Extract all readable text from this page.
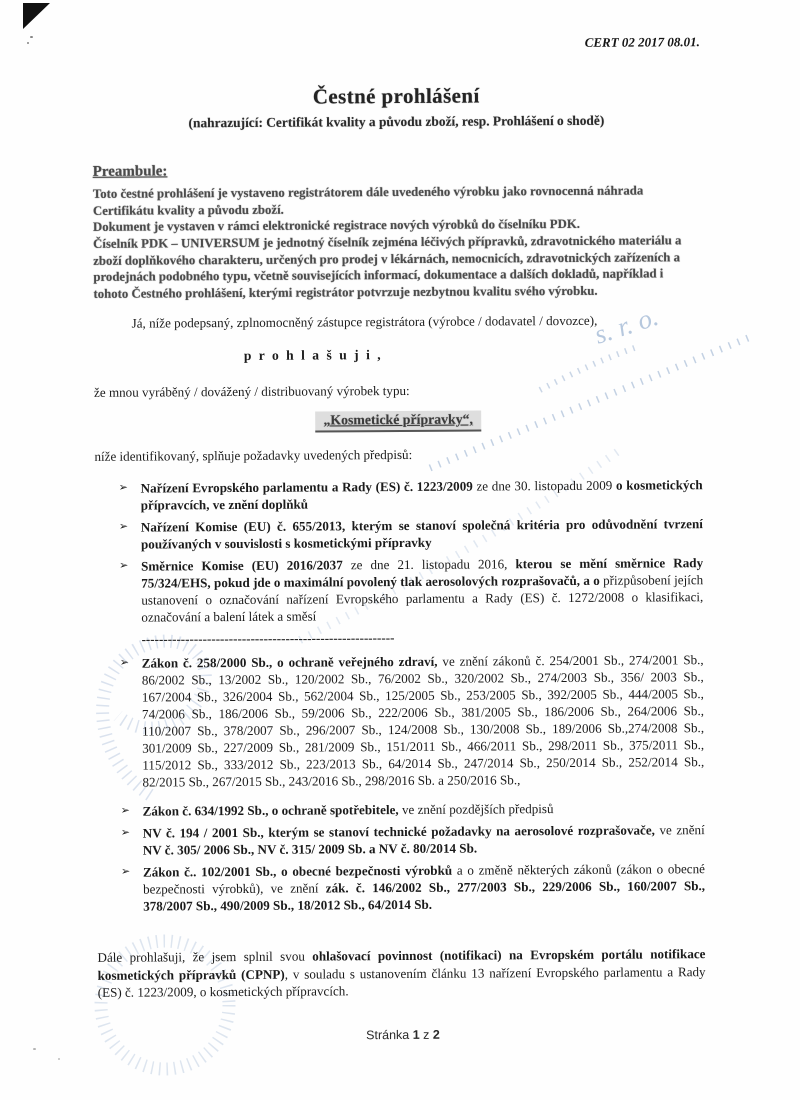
s. r. o.
CERT 02 2017 08.01.
Čestné prohlášení
(nahrazující: Certifikát kvality a původu zboží, resp. Prohlášení o shodě)
Preambule:

Toto čestné prohlášení je vystaveno registrátorem dále uvedeného výrobku jako rovnocenná náhrada Certifikátu kvality a původu zboží.

Dokument je vystaven v rámci elektronické registrace nových výrobků do číselníku PDK.

Číselník PDK – UNIVERSUM je jednotný číselník zejména léčivých přípravků, zdravotnického materiálu a zboží doplňkového charakteru, určených pro prodej v lékárnách, nemocnicích, zdravotnických zařízeních a prodejnách podobného typu, včetně souvisejících informací, dokumentace a dalších dokladů, například i tohoto Čestného prohlášení, kterými registrátor potvrzuje nezbytnou kvalitu svého výrobku.

Já, níže podepsaný, zplnomocněný zástupce registrátora (výrobce / dodavatel / dovozce),

p r o h l a š u j i ,

že mnou vyráběný / dovážený / distribuovaný výrobek typu:

„Kosmetické přípravky“,

níže identifikovaný, splňuje požadavky uvedených předpisů:

➢ Nařízení Evropského parlamentu a Rady (ES) č. 1223/2009 ze dne 30. listopadu 2009 o kosmetických přípravcích, ve znění doplňků
➢ Nařízení Komise (EU) č. 655/2013, kterým se stanoví společná kritéria pro odůvodnění tvrzení používaných v souvislosti s kosmetickými přípravky
➢ Směrnice Komise (EU) 2016/2037 ze dne 21. listopadu 2016, kterou se mění směrnice Rady 75/324/EHS, pokud jde o maximální povolený tlak aerosolových rozprašovačů, a o přizpůsobení jejích ustanovení o označování nařízení Evropského parlamentu a Rady (ES) č. 1272/2008 o klasifikaci, označování a balení látek a směsí
----------------------------------------------------------
➢ Zákon č. 258/2000 Sb., o ochraně veřejného zdraví, ve znění zákonů č. 254/2001 Sb., 274/2001 Sb., 86/2002 Sb., 13/2002 Sb., 120/2002 Sb., 76/2002 Sb., 320/2002 Sb., 274/2003 Sb., 356/ 2003 Sb., 167/2004 Sb., 326/2004 Sb., 562/2004 Sb., 125/2005 Sb., 253/2005 Sb., 392/2005 Sb., 444/2005 Sb., 74/2006 Sb., 186/2006 Sb., 59/2006 Sb., 222/2006 Sb., 381/2005 Sb., 186/2006 Sb., 264/2006 Sb., 110/2007 Sb., 378/2007 Sb., 296/2007 Sb., 124/2008 Sb., 130/2008 Sb., 189/2006 Sb.,274/2008 Sb., 301/2009 Sb., 227/2009 Sb., 281/2009 Sb., 151/2011 Sb., 466/2011 Sb., 298/2011 Sb., 375/2011 Sb., 115/2012 Sb., 333/2012 Sb., 223/2013 Sb., 64/2014 Sb., 247/2014 Sb., 250/2014 Sb., 252/2014 Sb., 82/2015 Sb., 267/2015 Sb., 243/2016 Sb., 298/2016 Sb. a 250/2016 Sb.,
➢ Zákon č. 634/1992 Sb., o ochraně spotřebitele, ve znění pozdějších předpisů
➢ NV č. 194 / 2001 Sb., kterým se stanoví technické požadavky na aerosolové rozprašovače, ve znění NV č. 305/ 2006 Sb., NV č. 315/ 2009 Sb. a NV č. 80/2014 Sb.
➢ Zákon č.. 102/2001 Sb., o obecné bezpečnosti výrobků a o změně některých zákonů (zákon o obecné bezpečnosti výrobků), ve znění zák. č. 146/2002 Sb., 277/2003 Sb., 229/2006 Sb., 160/2007 Sb., 378/2007 Sb., 490/2009 Sb., 18/2012 Sb., 64/2014 Sb.

Dále prohlašuji, že jsem splnil svou ohlašovací povinnost (notifikaci) na Evropském portálu notifikace kosmetických přípravků (CPNP), v souladu s ustanovením článku 13 nařízení Evropského parlamentu a Rady (ES) č. 1223/2009, o kosmetických přípravcích.

Stránka 1 z 2
